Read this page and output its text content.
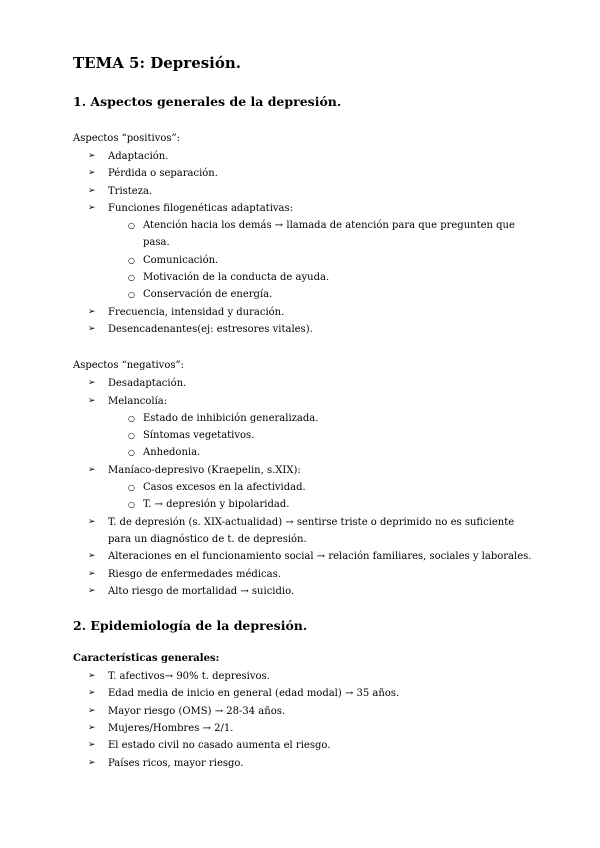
TEMA 5: Depresión.
1. Aspectos generales de la depresión.

Aspectos “positivos”:

➢ Adaptación.
➢ Pérdida o separación.
➢ Tristeza.
➢ Funciones filogenéticas adaptativas:
○ Atención hacia los demás → llamada de atención para que pregunten que pasa.
○ Comunicación.
○ Motivación de la conducta de ayuda.
○ Conservación de energía.
➢ Frecuencia, intensidad y duración.
➢ Desencadenantes(ej: estresores vitales).

Aspectos “negativos”:

➢ Desadaptación.
➢ Melancolía:
○ Estado de inhibición generalizada.
○ Síntomas vegetativos.
○ Anhedonia.
➢ Maníaco-depresivo (Kraepelin, s.XIX):
○ Casos excesos en la afectividad.
○ T. → depresión y bipolaridad.
➢ T. de depresión (s. XIX-actualidad) → sentirse triste o deprimido no es suficiente para un diagnóstico de t. de depresión.
➢ Alteraciones en el funcionamiento social → relación familiares, sociales y laborales.
➢ Riesgo de enfermedades médicas.
➢ Alto riesgo de mortalidad → suicidio.
2. Epidemiología de la depresión.

Características generales:

➢ T. afectivos→ 90% t. depresivos.
➢ Edad media de inicio en general (edad modal) → 35 años.
➢ Mayor riesgo (OMS) → 28-34 años.
➢ Mujeres/Hombres → 2/1.
➢ El estado civil no casado aumenta el riesgo.
➢ Países ricos, mayor riesgo.
